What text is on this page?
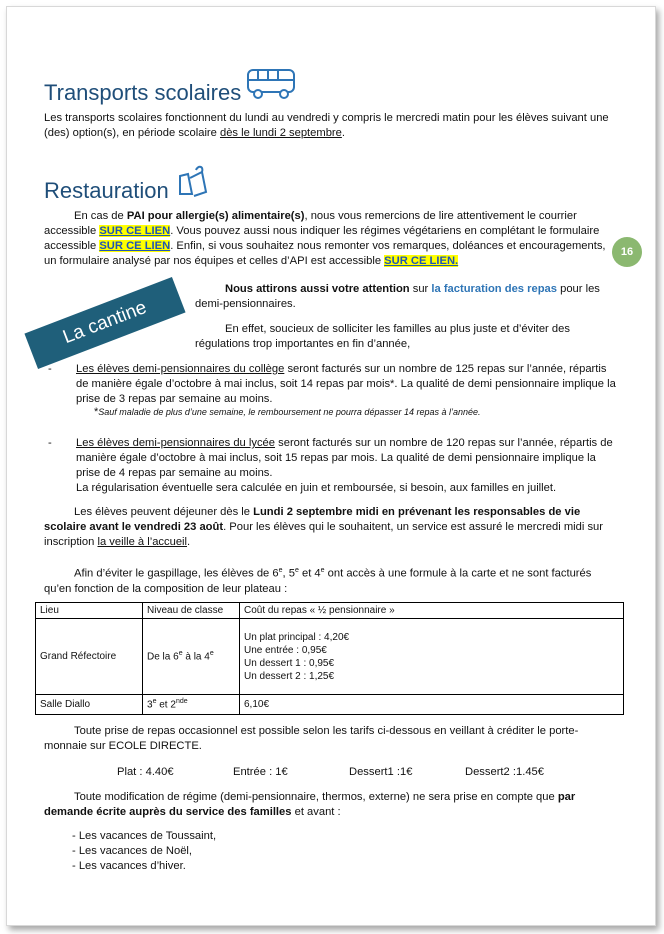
Transports scolaires
Les transports scolaires fonctionnent du lundi au vendredi y compris le mercredi matin pour les élèves suivant une (des) option(s), en période scolaire dès le lundi 2 septembre.
Restauration
En cas de PAI pour allergie(s) alimentaire(s), nous vous remercions de lire attentivement le courrier accessible SUR CE LIEN. Vous pouvez aussi nous indiquer les régimes végétariens en complétant le formulaire accessible SUR CE LIEN. Enfin, si vous souhaitez nous remonter vos remarques, doléances et encouragements, un formulaire analysé par nos équipes et celles d’API est accessible SUR CE LIEN.
16
La cantine
Nous attirons aussi votre attention sur la facturation des repas pour les demi-pensionnaires.
En effet, soucieux de solliciter les familles au plus juste et d’éviter des régulations trop importantes en fin d’année,
-	Les élèves demi-pensionnaires du collège seront facturés sur un nombre de 125 repas sur l’année, répartis de manière égale d’octobre à mai inclus, soit 14 repas par mois*. La qualité de demi pensionnaire implique la prise de 3 repas par semaine au moins.
*Sauf maladie de plus d’une semaine, le remboursement ne pourra dépasser 14 repas à l’année.
-	Les élèves demi-pensionnaires du lycée seront facturés sur un nombre de 120 repas sur l’année, répartis de manière égale d’octobre à mai inclus, soit 15 repas par mois. La qualité de demi pensionnaire implique la prise de 4 repas par semaine au moins.
La régularisation éventuelle sera calculée en juin et remboursée, si besoin, aux familles en juillet.
Les élèves peuvent déjeuner dès le Lundi 2 septembre midi en prévenant les responsables de vie scolaire avant le vendredi 23 août. Pour les élèves qui le souhaitent, un service est assuré le mercredi midi sur inscription la veille à l’accueil.
Afin d’éviter le gaspillage, les élèves de 6e, 5e et 4e ont accès à une formule à la carte et ne sont facturés qu’en fonction de la composition de leur plateau :
Lieu	Niveau de classe	Coût du repas « ½ pensionnaire »
Grand Réfectoire	De la 6e à la 4e	Un plat principal : 4,20€
Une entrée : 0,95€
Un dessert 1 : 0,95€
Un dessert 2 : 1,25€

Salle Diallo	3e et 2nde	6,10€
Toute prise de repas occasionnel est possible selon les tarifs ci-dessous en veillant à créditer le porte-monnaie sur ECOLE DIRECTE.
Plat : 4.40€	Entrée : 1€	Dessert1 :1€	Dessert2 :1.45€
Toute modification de régime (demi-pensionnaire, thermos, externe) ne sera prise en compte que par demande écrite auprès du service des familles et avant :
- Les vacances de Toussaint,
- Les vacances de Noël,
- Les vacances d’hiver.
